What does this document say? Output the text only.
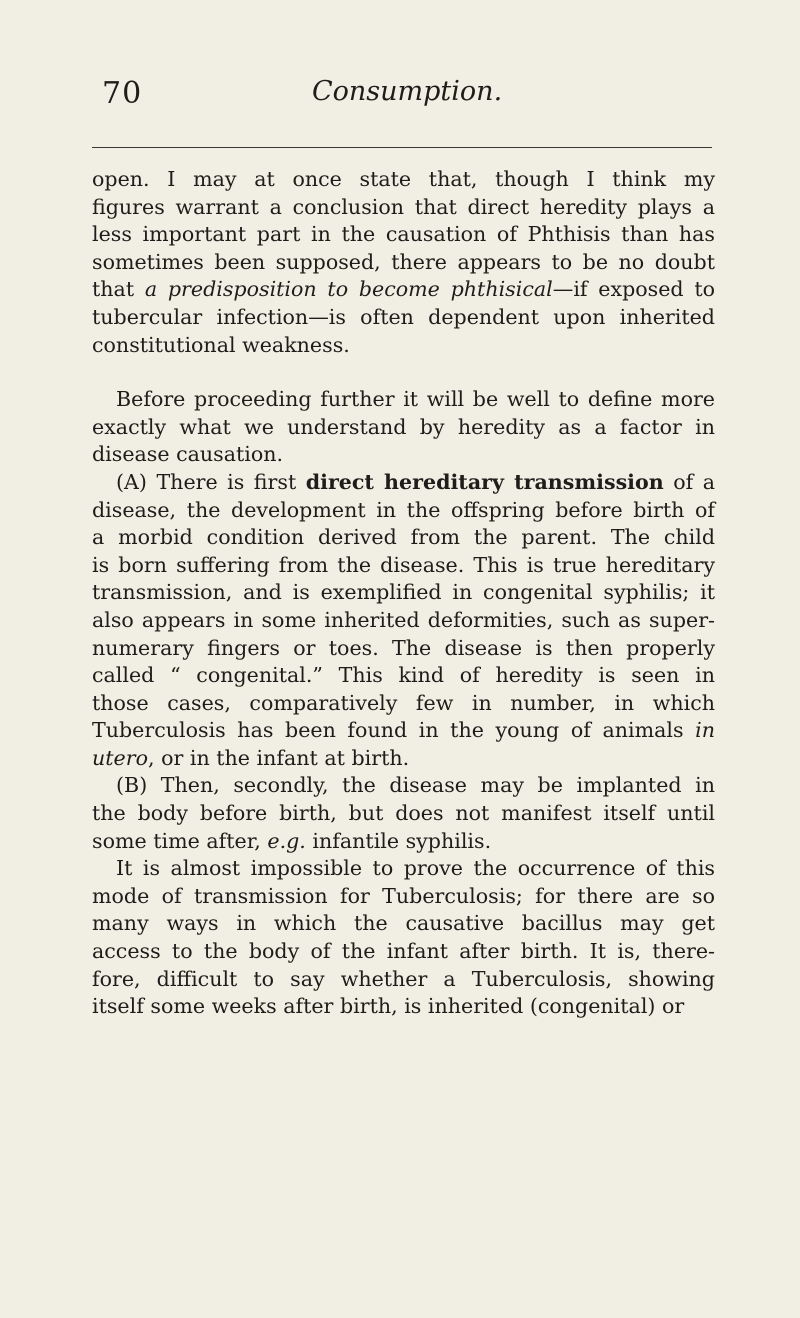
70	Consumption.
open. I may at once state that, though I think my
figures warrant a conclusion that direct heredity plays a
less important part in the causation of Phthisis than has
sometimes been supposed, there appears to be no doubt
that a predisposition to become phthisical—if exposed to
tubercular infection—is often dependent upon inherited
constitutional weakness.
Before proceeding further it will be well to define more
exactly what we understand by heredity as a factor in
disease causation.
(A) There is first direct hereditary transmission of a
disease, the development in the offspring before birth of
a morbid condition derived from the parent. The child
is born suffering from the disease. This is true hereditary
transmission, and is exemplified in congenital syphilis; it
also appears in some inherited deformities, such as super-
numerary fingers or toes. The disease is then properly
called “ congenital.” This kind of heredity is seen in
those cases, comparatively few in number, in which
Tuberculosis has been found in the young of animals in
utero, or in the infant at birth.
(B) Then, secondly, the disease may be implanted in
the body before birth, but does not manifest itself until
some time after, e.g. infantile syphilis.
It is almost impossible to prove the occurrence of this
mode of transmission for Tuberculosis; for there are so
many ways in which the causative bacillus may get
access to the body of the infant after birth. It is, there-
fore, difficult to say whether a Tuberculosis, showing
itself some weeks after birth, is inherited (congenital) or
